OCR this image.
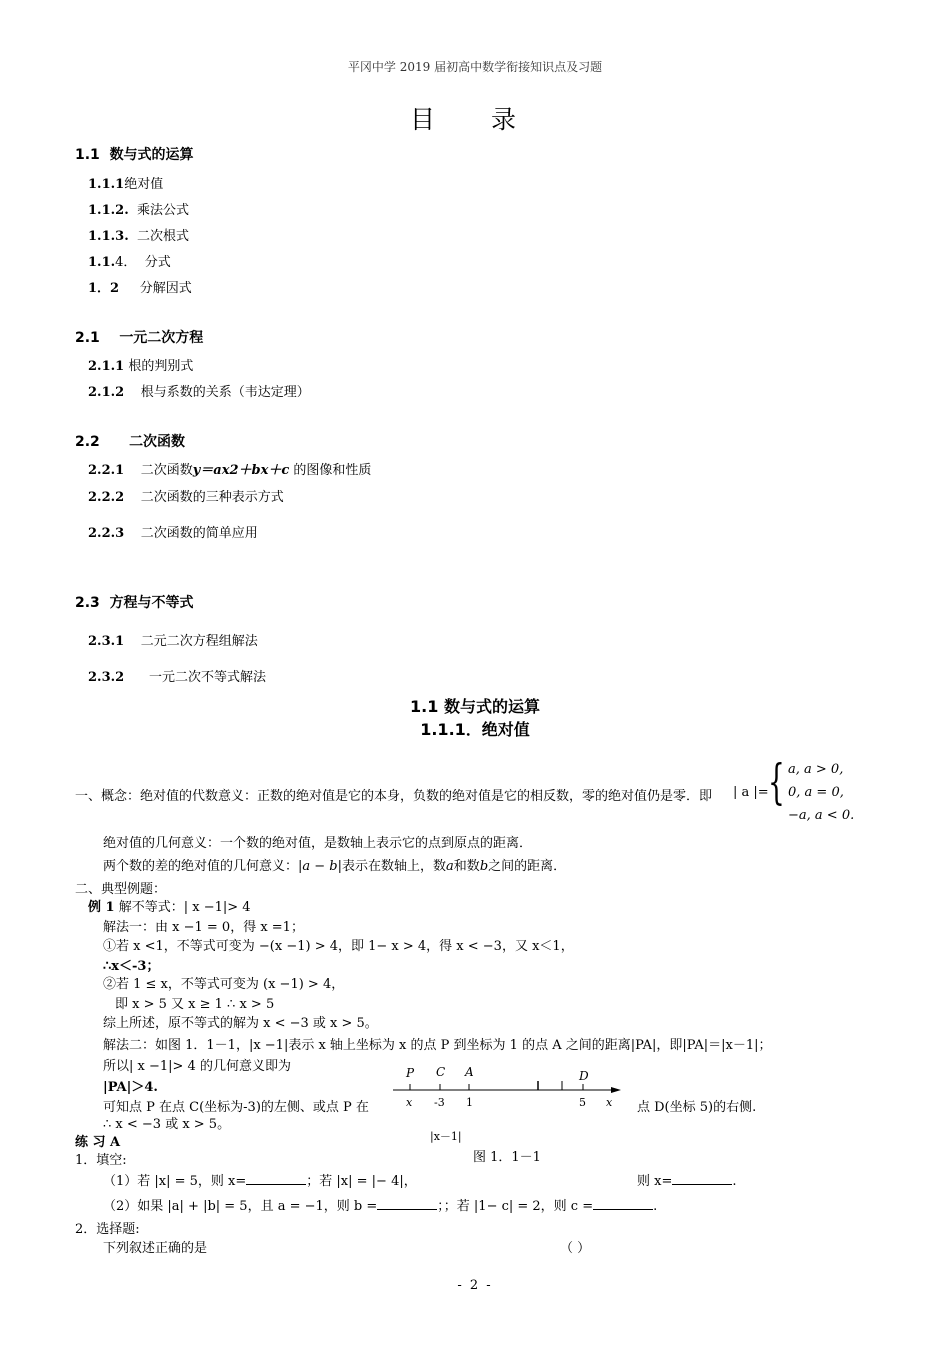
平冈中学 2019 届初高中数学衔接知识点及习题
目 录
1.1 数与式的运算
1.1.1绝对值
1.1.2. 乘法公式
1.1.3. 二次根式
1.1.4． 分式
1．2 分解因式
2.1 一元二次方程
2.1.1 根的判别式
2.1.2 根与系数的关系（韦达定理）
2.2 二次函数
2.2.1 二次函数y＝ax2＋bx＋c 的图像和性质
2.2.2 二次函数的三种表示方式
2.2.3 二次函数的简单应用
2.3 方程与不等式
2.3.1 二元二次方程组解法
2.3.2 一元二次不等式解法
1.1 数与式的运算
1.1.1．绝对值
一、概念：绝对值的代数意义：正数的绝对值是它的本身，负数的绝对值是它的相反数，零的绝对值仍是零．即 | a |= { a, a > 0,
0, a = 0,
−a, a < 0.
绝对值的几何意义：一个数的绝对值，是数轴上表示它的点到原点的距离．
两个数的差的绝对值的几何意义：|a − b|表示在数轴上，数a和数b之间的距离．
二、典型例题：
例 1 解不等式：| x −1|> 4
解法一：由 x −1 = 0，得 x =1；
①若 x <1，不等式可变为 −(x −1) > 4，即 1− x > 4，得 x < −3，又 x＜1，
∴x＜-3；
②若 1 ≤ x，不等式可变为 (x −1) > 4，
即 x > 5 又 x ≥ 1 ∴ x > 5
综上所述，原不等式的解为 x < −3 或 x > 5。
解法二：如图 1．1－1，|x −1|表示 x 轴上坐标为 x 的点 P 到坐标为 1 的点 A 之间的距离|PA|，即|PA|＝|x－1|；
所以| x −1|> 4 的几何意义即为
|PA|＞4.
可知点 P 在点 C(坐标为-3)的左侧、或点 P 在	点 D(坐标 5)的右侧.
∴ x < −3 或 x > 5。
P C A	D
x -3 1	5 x
|x－1|
图 1．1－1
练 习 A
1．填空:
（1）若 |x| = 5，则 x=	；若 |x| = |− 4|，	则 x=	.
（2）如果 |a| + |b| = 5，且 a = −1，则 b =	；；若 |1− c| = 2，则 c =	.
2．选择题:
下列叙述正确的是	（ ）
- 2 -
